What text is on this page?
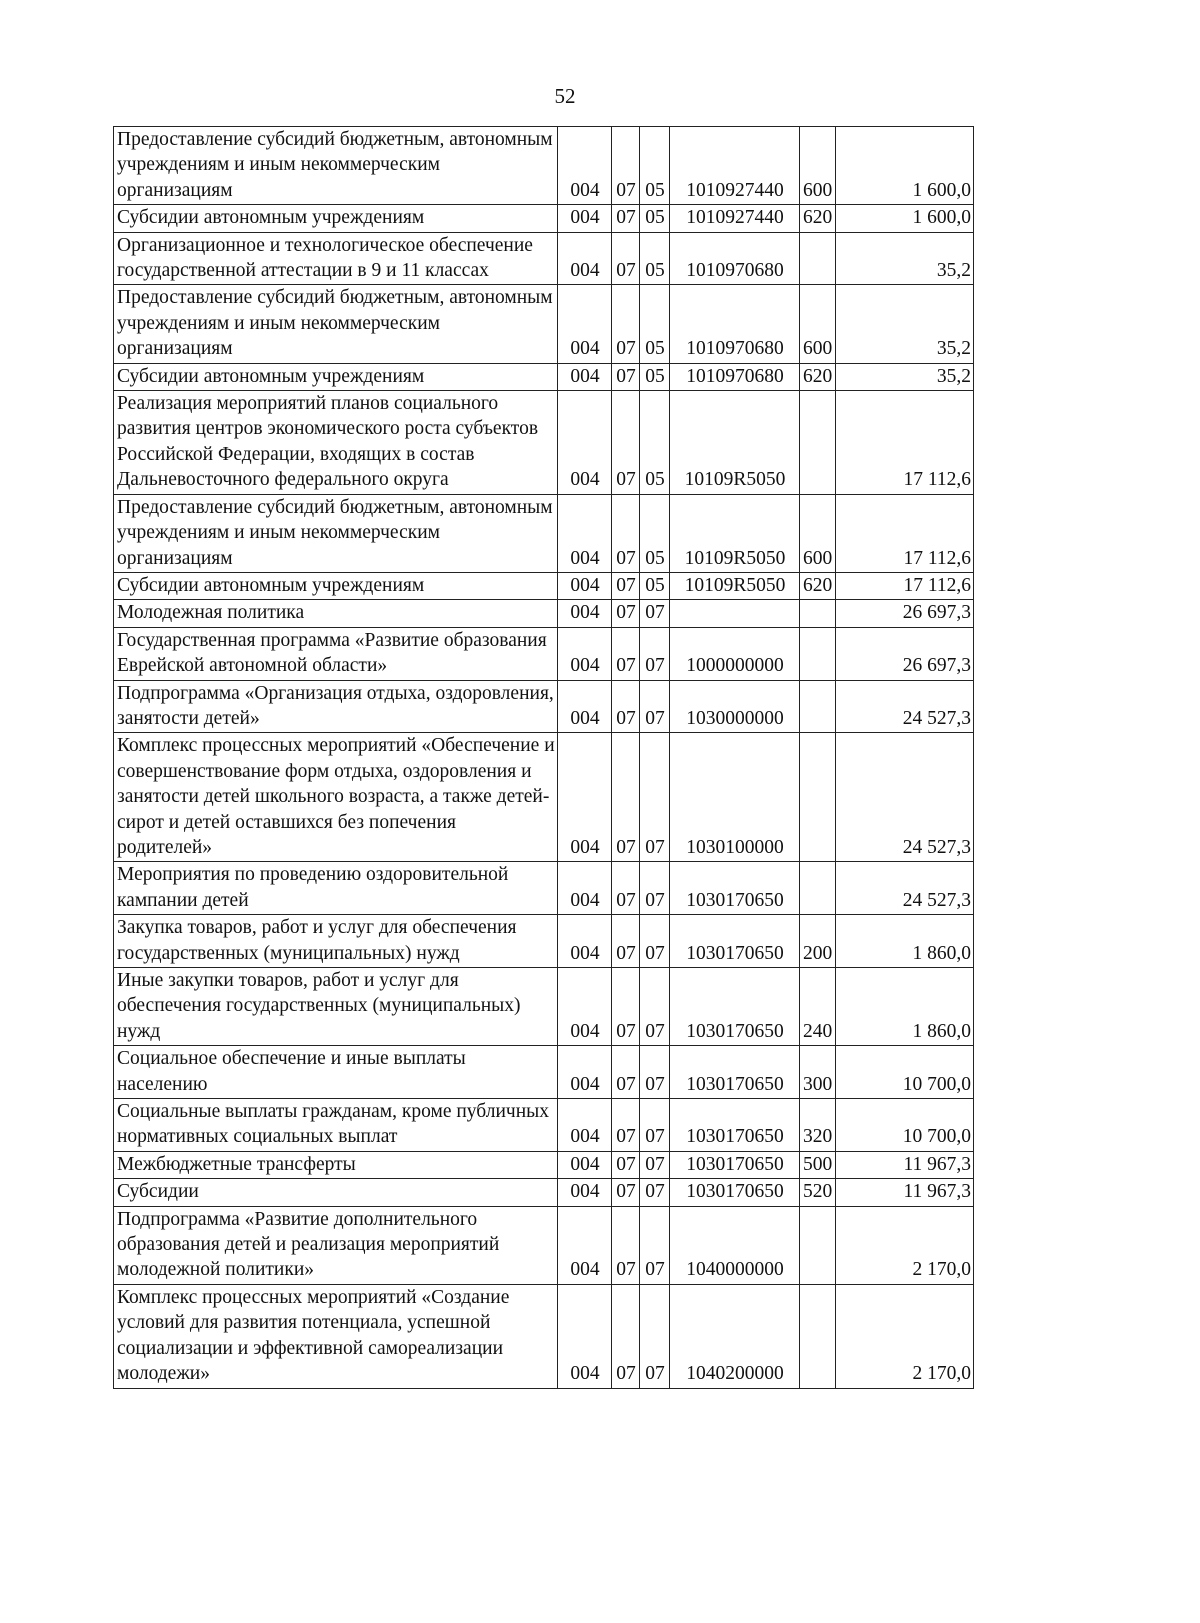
52
Предоставление субсидий бюджетным, автономным учреждениям и иным некоммерческим организациям	004	07	05	1010927440	600	1 600,0
Субсидии автономным учреждениям	004	07	05	1010927440	620	1 600,0
Организационное и технологическое обеспечение государственной аттестации в 9 и 11 классах	004	07	05	1010970680		35,2
Предоставление субсидий бюджетным, автономным учреждениям и иным некоммерческим организациям	004	07	05	1010970680	600	35,2
Субсидии автономным учреждениям	004	07	05	1010970680	620	35,2
Реализация мероприятий планов социального развития центров экономического роста субъектов Российской Федерации, входящих в состав Дальневосточного федерального округа	004	07	05	10109R5050		17 112,6
Предоставление субсидий бюджетным, автономным учреждениям и иным некоммерческим организациям	004	07	05	10109R5050	600	17 112,6
Субсидии автономным учреждениям	004	07	05	10109R5050	620	17 112,6
Молодежная политика	004	07	07			26 697,3
Государственная программа «Развитие образования Еврейской автономной области»	004	07	07	1000000000		26 697,3
Подпрограмма «Организация отдыха, оздоровления, занятости детей»	004	07	07	1030000000		24 527,3
Комплекс процессных мероприятий «Обеспечение и совершенствование форм отдыха, оздоровления и занятости детей школьного возраста, а также детей-сирот и детей оставшихся без попечения родителей»	004	07	07	1030100000		24 527,3
Мероприятия по проведению оздоровительной кампании детей	004	07	07	1030170650		24 527,3
Закупка товаров, работ и услуг для обеспечения государственных (муниципальных) нужд	004	07	07	1030170650	200	1 860,0
Иные закупки товаров, работ и услуг для обеспечения государственных (муниципальных) нужд	004	07	07	1030170650	240	1 860,0
Социальное обеспечение и иные выплаты населению	004	07	07	1030170650	300	10 700,0
Социальные выплаты гражданам, кроме публичных нормативных социальных выплат	004	07	07	1030170650	320	10 700,0
Межбюджетные трансферты	004	07	07	1030170650	500	11 967,3
Субсидии	004	07	07	1030170650	520	11 967,3
Подпрограмма «Развитие дополнительного образования детей и реализация мероприятий молодежной политики»	004	07	07	1040000000		2 170,0
Комплекс процессных мероприятий «Создание условий для развития потенциала, успешной социализации и эффективной самореализации молодежи»	004	07	07	1040200000		2 170,0
